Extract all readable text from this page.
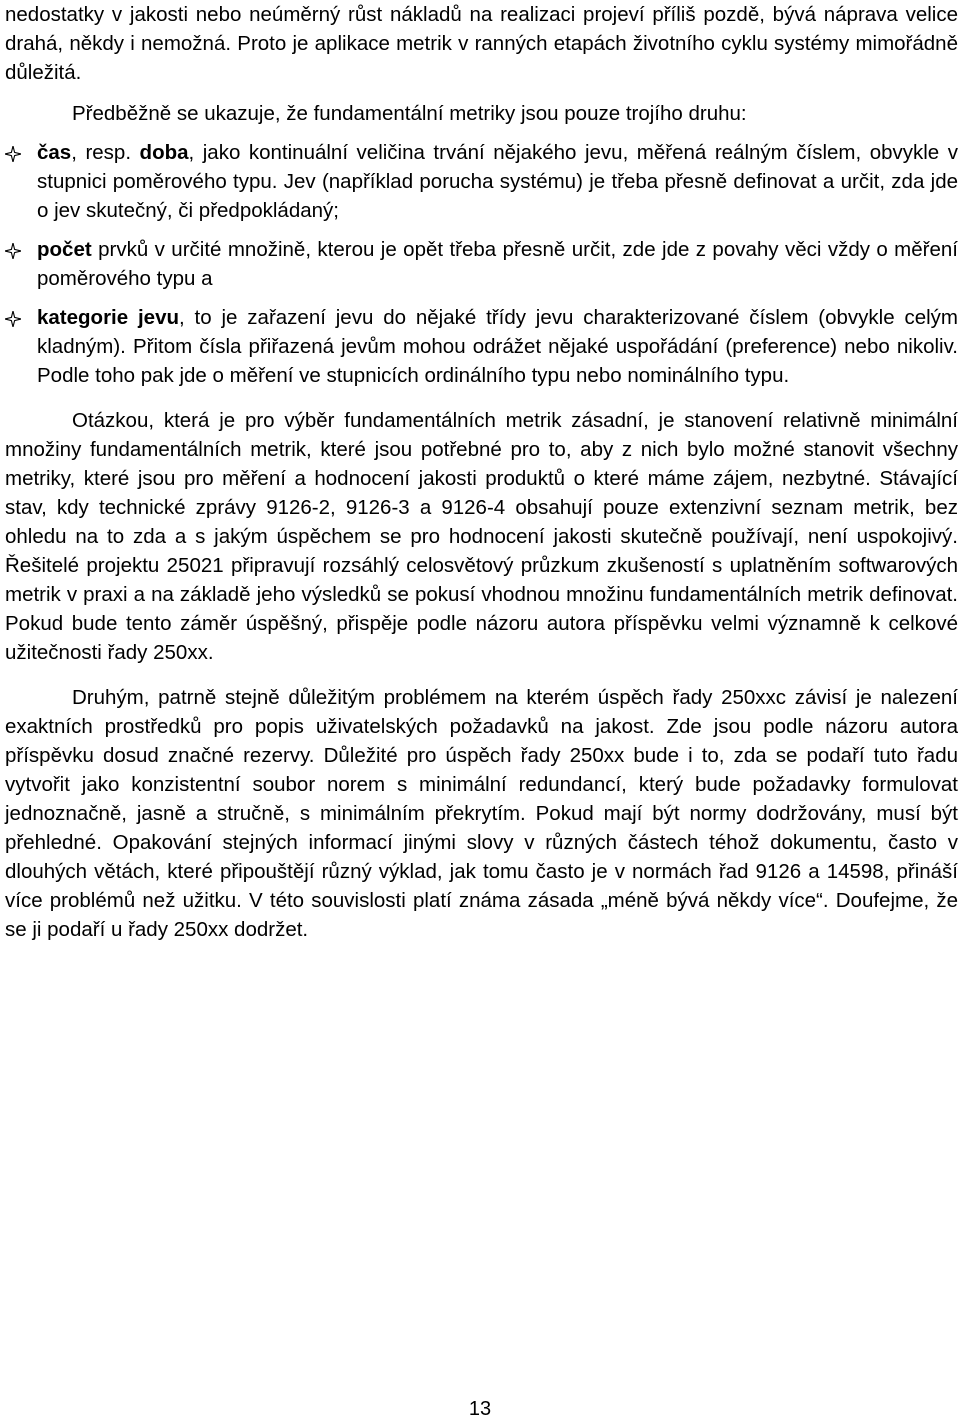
nedostatky v jakosti nebo neúměrný růst nákladů na realizaci projeví příliš pozdě, bývá náprava velice drahá, někdy i nemožná. Proto je aplikace metrik v ranných etapách životního cyklu systémy mimořádně důležitá.

Předběžně se ukazuje, že fundamentální metriky jsou pouze trojího druhu:

čas, resp. doba, jako kontinuální veličina trvání nějakého jevu, měřená reálným číslem, obvykle v stupnici poměrového typu. Jev (například porucha systému) je třeba přesně definovat a určit, zda jde o jev skutečný, či předpokládaný;
počet prvků v určité množině, kterou je opět třeba přesně určit, zde jde z povahy věci vždy o měření poměrového typu a
kategorie jevu, to je zařazení jevu do nějaké třídy jevu charakterizované číslem (obvykle celým kladným). Přitom čísla přiřazená jevům mohou odrážet nějaké uspořádání (preference) nebo nikoliv. Podle toho pak jde o měření ve stupnicích ordinálního typu nebo nominálního typu.

Otázkou, která je pro výběr fundamentálních metrik zásadní, je stanovení relativně minimální množiny fundamentálních metrik, které jsou potřebné pro to, aby z nich bylo možné stanovit všechny metriky, které jsou pro měření a hodnocení jakosti produktů o které máme zájem, nezbytné. Stávající stav, kdy technické zprávy 9126-2, 9126-3 a 9126-4 obsahují pouze extenzivní seznam metrik, bez ohledu na to zda a s jakým úspěchem se pro hodnocení jakosti skutečně používají, není uspokojivý. Řešitelé projektu 25021 připravují rozsáhlý celosvětový průzkum zkušeností s uplatněním softwarových metrik v praxi a na základě jeho výsledků se pokusí vhodnou množinu fundamentálních metrik definovat. Pokud bude tento záměr úspěšný, přispěje podle názoru autora příspěvku velmi významně k celkové užitečnosti řady 250xx.

Druhým, patrně stejně důležitým problémem na kterém úspěch řady 250xxc závisí je nalezení exaktních prostředků pro popis uživatelských požadavků na jakost. Zde jsou podle názoru autora příspěvku dosud značné rezervy. Důležité pro úspěch řady 250xx bude i to, zda se podaří tuto řadu vytvořit jako konzistentní soubor norem s minimální redundancí, který bude požadavky formulovat jednoznačně, jasně a stručně, s minimálním překrytím. Pokud mají být normy dodržovány, musí být přehledné. Opakování stejných informací jinými slovy v různých částech téhož dokumentu, často v dlouhých větách, které připouštějí různý výklad, jak tomu často je v normách řad 9126 a 14598, přináší více problémů než užitku. V této souvislosti platí známa zásada „méně bývá někdy více“. Doufejme, že se ji podaří u řady 250xx dodržet.

13
